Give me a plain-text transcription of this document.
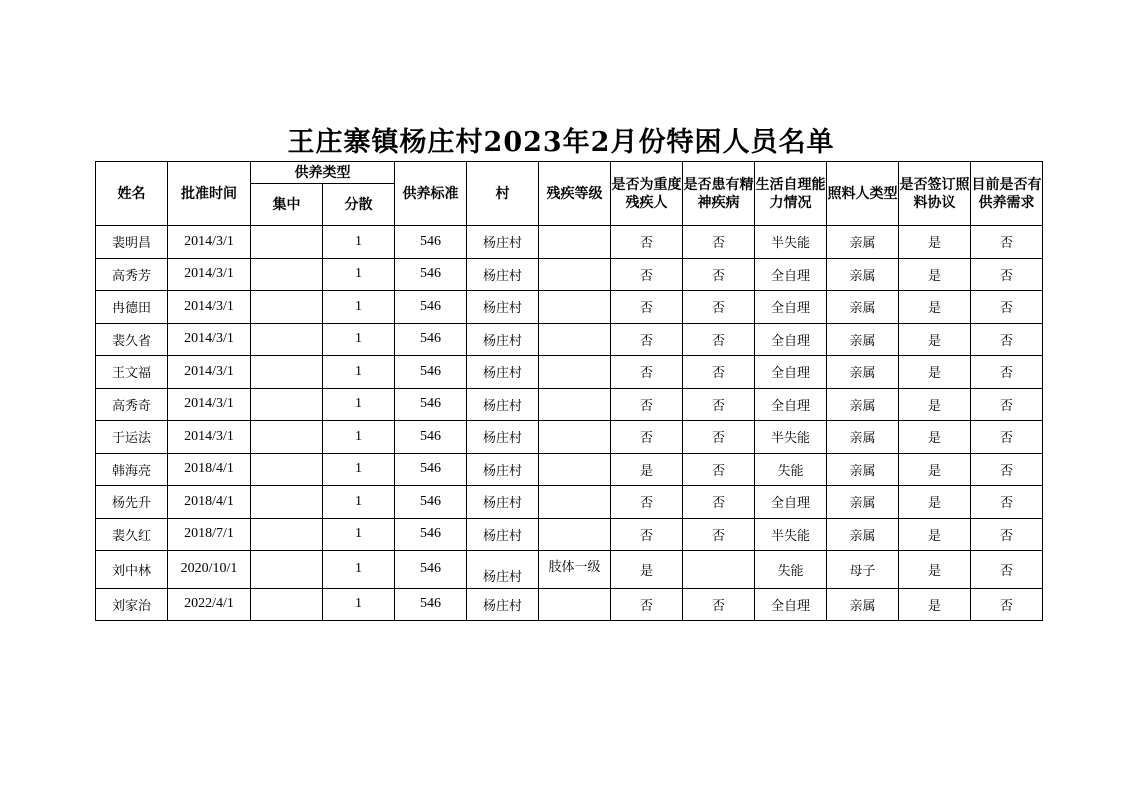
王庄寨镇杨庄村2023年2月份特困人员名单
姓名	批准时间	供养类型		供养标准	村	残疾等级	是否为重度残疾人	是否患有精神疾病	生活自理能力情况	照料人类型	是否签订照料协议	目前是否有供养需求
		集中	分散									
裴明昌	2014/3/1		1	546	杨庄村		否	否	半失能	亲属	是	否
高秀芳	2014/3/1		1	546	杨庄村		否	否	全自理	亲属	是	否
冉德田	2014/3/1		1	546	杨庄村		否	否	全自理	亲属	是	否
裴久省	2014/3/1		1	546	杨庄村		否	否	全自理	亲属	是	否
王文福	2014/3/1		1	546	杨庄村		否	否	全自理	亲属	是	否
高秀奇	2014/3/1		1	546	杨庄村		否	否	全自理	亲属	是	否
于运法	2014/3/1		1	546	杨庄村		否	否	半失能	亲属	是	否
韩海亮	2018/4/1		1	546	杨庄村		是	否	失能	亲属	是	否
杨先升	2018/4/1		1	546	杨庄村		否	否	全自理	亲属	是	否
裴久红	2018/7/1		1	546	杨庄村		否	否	半失能	亲属	是	否
刘中林	2020/10/1		1	546	杨庄村	肢体一级	是		失能	母子	是	否
刘家治	2022/4/1		1	546	杨庄村		否	否	全自理	亲属	是	否
